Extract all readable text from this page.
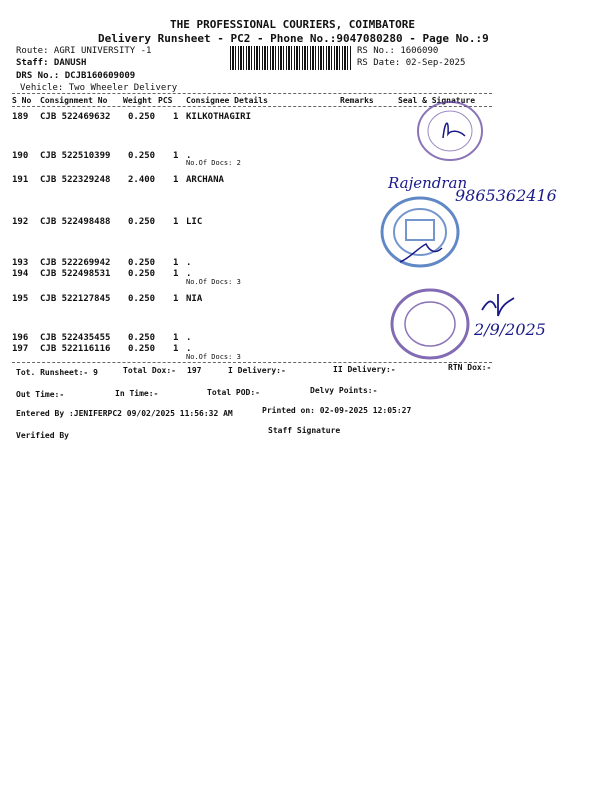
THE PROFESSIONAL COURIERS, COIMBATORE
Delivery Runsheet - PC2 - Phone No.:9047080280 - Page No.:9
Route: AGRI UNIVERSITY -1
Staff: DANUSH
DRS No.: DCJB160609009
Vehicle: Two Wheeler Delivery
RS No.: 1606090
RS Date: 02-Sep-2025
S No Consignment No Weight PCS Consignee Details	Remarks	Seal & Signature
189 CJB 522469632 0.250 1 KILKOTHAGIRI
190 CJB 522510399 0.250 1 .
No.Of Docs: 2
191 CJB 522329248 2.400 1 ARCHANA
192 CJB 522498488 0.250 1 LIC
193 CJB 522269942 0.250 1 .
194 CJB 522498531 0.250 1 .
No.Of Docs: 3
195 CJB 522127845 0.250 1 NIA
196 CJB 522435455 0.250 1 .
197 CJB 522116116 0.250 1 .
No.Of Docs: 3
Rajendran
9865362416
2/9/2025
Tot. Runsheet:- 9	Total Dox:- 197	I Delivery:-	II Delivery:-	RTN Dox:-
Out Time:-	In Time:-	Total POD:-	Delvy Points:-
Entered By :JENIFERPC2 09/02/2025 11:56:32 AM	Printed on: 02-09-2025 12:05:27
Verified By
Staff Signature
